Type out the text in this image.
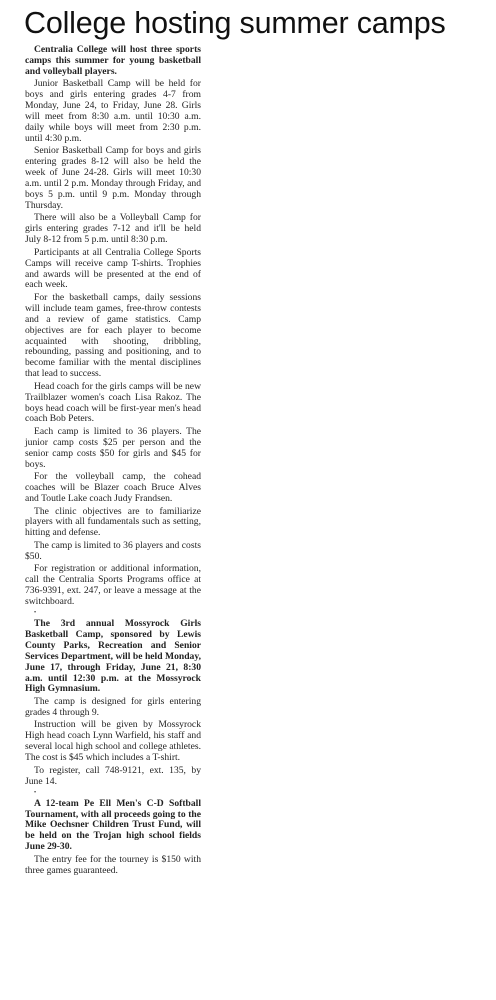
College hosting summer camps

Centralia College will host three sports camps this summer for young basketball and volleyball players.

Junior Basketball Camp will be held for boys and girls entering grades 4-7 from Monday, June 24, to Friday, June 28. Girls will meet from 8:30 a.m. until 10:30 a.m. daily while boys will meet from 2:30 p.m. until 4:30 p.m.

Senior Basketball Camp for boys and girls entering grades 8-12 will also be held the week of June 24-28. Girls will meet 10:30 a.m. until 2 p.m. Monday through Friday, and boys 5 p.m. until 9 p.m. Monday through Thursday.

There will also be a Volleyball Camp for girls entering grades 7-12 and it'll be held July 8-12 from 5 p.m. until 8:30 p.m.

Participants at all Centralia College Sports Camps will receive camp T-shirts. Trophies and awards will be presented at the end of each week.

For the basketball camps, daily sessions will include team games, free-throw contests and a review of game statistics. Camp objectives are for each player to become acquainted with shooting, dribbling, rebounding, passing and positioning, and to become familiar with the mental disciplines that lead to success.

Head coach for the girls camps will be new Trailblazer women's coach Lisa Rakoz. The boys head coach will be first-year men's head coach Bob Peters.

Each camp is limited to 36 players. The junior camp costs $25 per person and the senior camp costs $50 for girls and $45 for boys.

For the volleyball camp, the cohead coaches will be Blazer coach Bruce Alves and Toutle Lake coach Judy Frandsen.

The clinic objectives are to familiarize players with all fundamentals such as setting, hitting and defense.

The camp is limited to 36 players and costs $50.

For registration or additional information, call the Centralia Sports Programs office at 736-9391, ext. 247, or leave a message at the switchboard.

•

The 3rd annual Mossyrock Girls Basketball Camp, sponsored by Lewis County Parks, Recreation and Senior Services Department, will be held Monday, June 17, through Friday, June 21, 8:30 a.m. until 12:30 p.m. at the Mossyrock High Gymnasium.

The camp is designed for girls entering grades 4 through 9.

Instruction will be given by Mossyrock High head coach Lynn Warfield, his staff and several local high school and college athletes. The cost is $45 which includes a T-shirt.

To register, call 748-9121, ext. 135, by June 14.

•

A 12-team Pe Ell Men's C-D Softball Tournament, with all proceeds going to the Mike Oechsner Children Trust Fund, will be held on the Trojan high school fields June 29-30.

The entry fee for the tourney is $150 with three games guaranteed.
